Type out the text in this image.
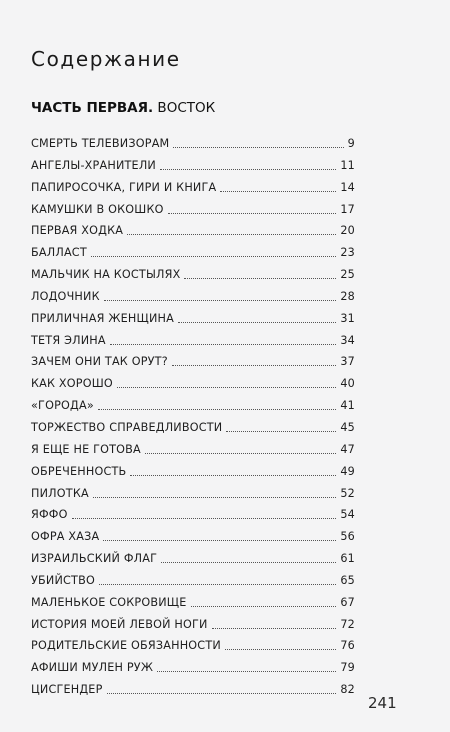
Содержание
ЧАСТЬ ПЕРВАЯ. ВОСТОК
СМЕРТЬ ТЕЛЕВИЗОРАМ	9
АНГЕЛЫ-ХРАНИТЕЛИ	11
ПАПИРОСОЧКА, ГИРИ И КНИГА	14
КАМУШКИ В ОКОШКО	17
ПЕРВАЯ ХОДКА	20
БАЛЛАСТ	23
МАЛЬЧИК НА КОСТЫЛЯХ	25
ЛОДОЧНИК	28
ПРИЛИЧНАЯ ЖЕНЩИНА	31
ТЕТЯ ЭЛИНА	34
ЗАЧЕМ ОНИ ТАК ОРУТ?	37
КАК ХОРОШО	40
«ГОРОДА»	41
ТОРЖЕСТВО СПРАВЕДЛИВОСТИ	45
Я ЕЩЕ НЕ ГОТОВА	47
ОБРЕЧЕННОСТЬ	49
ПИЛОТКА	52
ЯФФО	54
ОФРА ХАЗА	56
ИЗРАИЛЬСКИЙ ФЛАГ	61
УБИЙСТВО	65
МАЛЕНЬКОЕ СОКРОВИЩЕ	67
ИСТОРИЯ МОЕЙ ЛЕВОЙ НОГИ	72
РОДИТЕЛЬСКИЕ ОБЯЗАННОСТИ	76
АФИШИ МУЛЕН РУЖ	79
ЦИСГЕНДЕР	82
241
